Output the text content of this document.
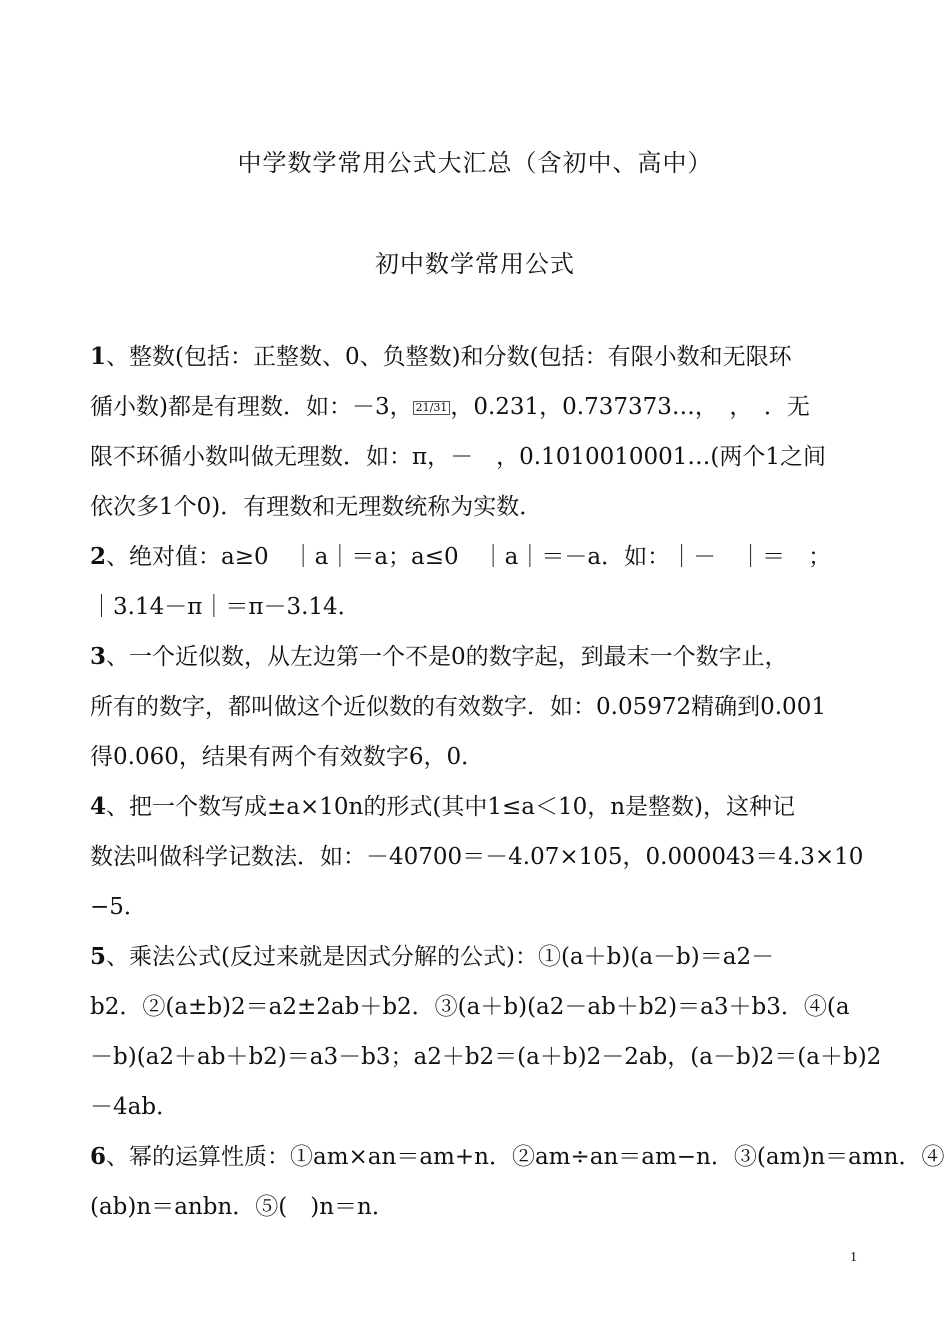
中学数学常用公式大汇总（含初中、高中）
初中数学常用公式
1、整数(包括：正整数、0、负整数)和分数(包括：有限小数和无限环
循小数)都是有理数．如：－3， 21/31 ，0.231，0.737373…，　，　．无
限不环循小数叫做无理数．如：π，－　，0.1010010001…(两个1之间
依次多1个0)．有理数和无理数统称为实数．
2、绝对值：a≥0　｜a｜＝a；a≤0　｜a｜＝－a．如：｜－　｜＝　；
｜3.14－π｜＝π－3.14．
3、一个近似数，从左边第一个不是0的数字起，到最末一个数字止，
所有的数字，都叫做这个近似数的有效数字．如：0.05972精确到0.001
得0.060，结果有两个有效数字6，0．
4、把一个数写成±a×10n的形式(其中1≤a＜10，n是整数)，这种记
数法叫做科学记数法．如：－40700＝－4.07×105，0.000043＝4.3×10
−5．
5、乘法公式(反过来就是因式分解的公式)：①(a＋b)(a－b)＝a2－
b2．②(a±b)2＝a2±2ab＋b2．③(a＋b)(a2－ab＋b2)＝a3＋b3．④(a
－b)(a2＋ab＋b2)＝a3－b3；a2＋b2＝(a＋b)2－2ab，(a－b)2＝(a＋b)2
－4ab．
6、幂的运算性质：①am×an＝am+n．②am÷an＝am−n．③(am)n＝amn．④
(ab)n＝anbn．⑤(　)n＝n．
1
